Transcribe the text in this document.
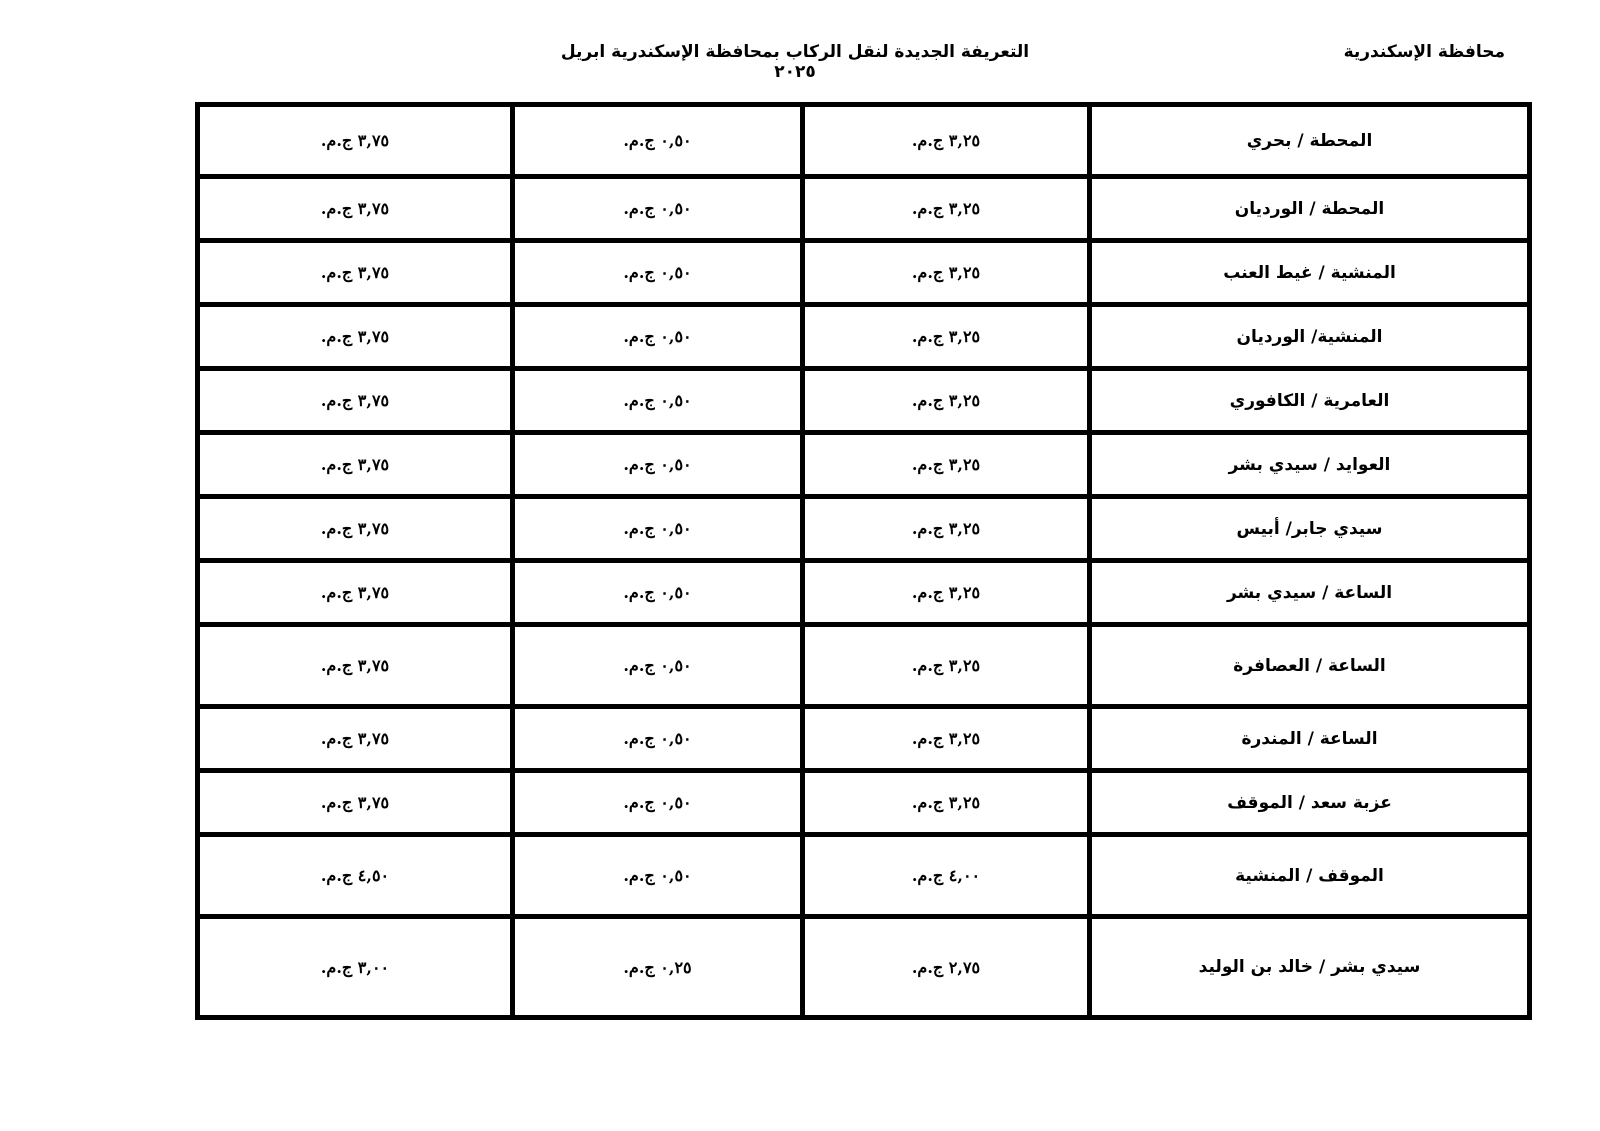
محافظة الإسكندرية
التعريفة الجديدة لنقل الركاب بمحافظة الإسكندرية ابريل ٢٠٢٥
المحطة / بحري	٣,٢٥ ج.م.	٠,٥٠ ج.م.	٣,٧٥ ج.م.
المحطة / الورديان	٣,٢٥ ج.م.	٠,٥٠ ج.م.	٣,٧٥ ج.م.
المنشية / غيط العنب	٣,٢٥ ج.م.	٠,٥٠ ج.م.	٣,٧٥ ج.م.
المنشية/ الورديان	٣,٢٥ ج.م.	٠,٥٠ ج.م.	٣,٧٥ ج.م.
العامرية / الكافوري	٣,٢٥ ج.م.	٠,٥٠ ج.م.	٣,٧٥ ج.م.
العوايد / سيدي بشر	٣,٢٥ ج.م.	٠,٥٠ ج.م.	٣,٧٥ ج.م.
سيدي جابر/ أبيس	٣,٢٥ ج.م.	٠,٥٠ ج.م.	٣,٧٥ ج.م.
الساعة / سيدي بشر	٣,٢٥ ج.م.	٠,٥٠ ج.م.	٣,٧٥ ج.م.
الساعة / العصافرة	٣,٢٥ ج.م.	٠,٥٠ ج.م.	٣,٧٥ ج.م.
الساعة / المندرة	٣,٢٥ ج.م.	٠,٥٠ ج.م.	٣,٧٥ ج.م.
عزبة سعد / الموقف	٣,٢٥ ج.م.	٠,٥٠ ج.م.	٣,٧٥ ج.م.
الموقف / المنشية	٤,٠٠ ج.م.	٠,٥٠ ج.م.	٤,٥٠ ج.م.
سيدي بشر / خالد بن الوليد	٢,٧٥ ج.م.	٠,٢٥ ج.م.	٣,٠٠ ج.م.
